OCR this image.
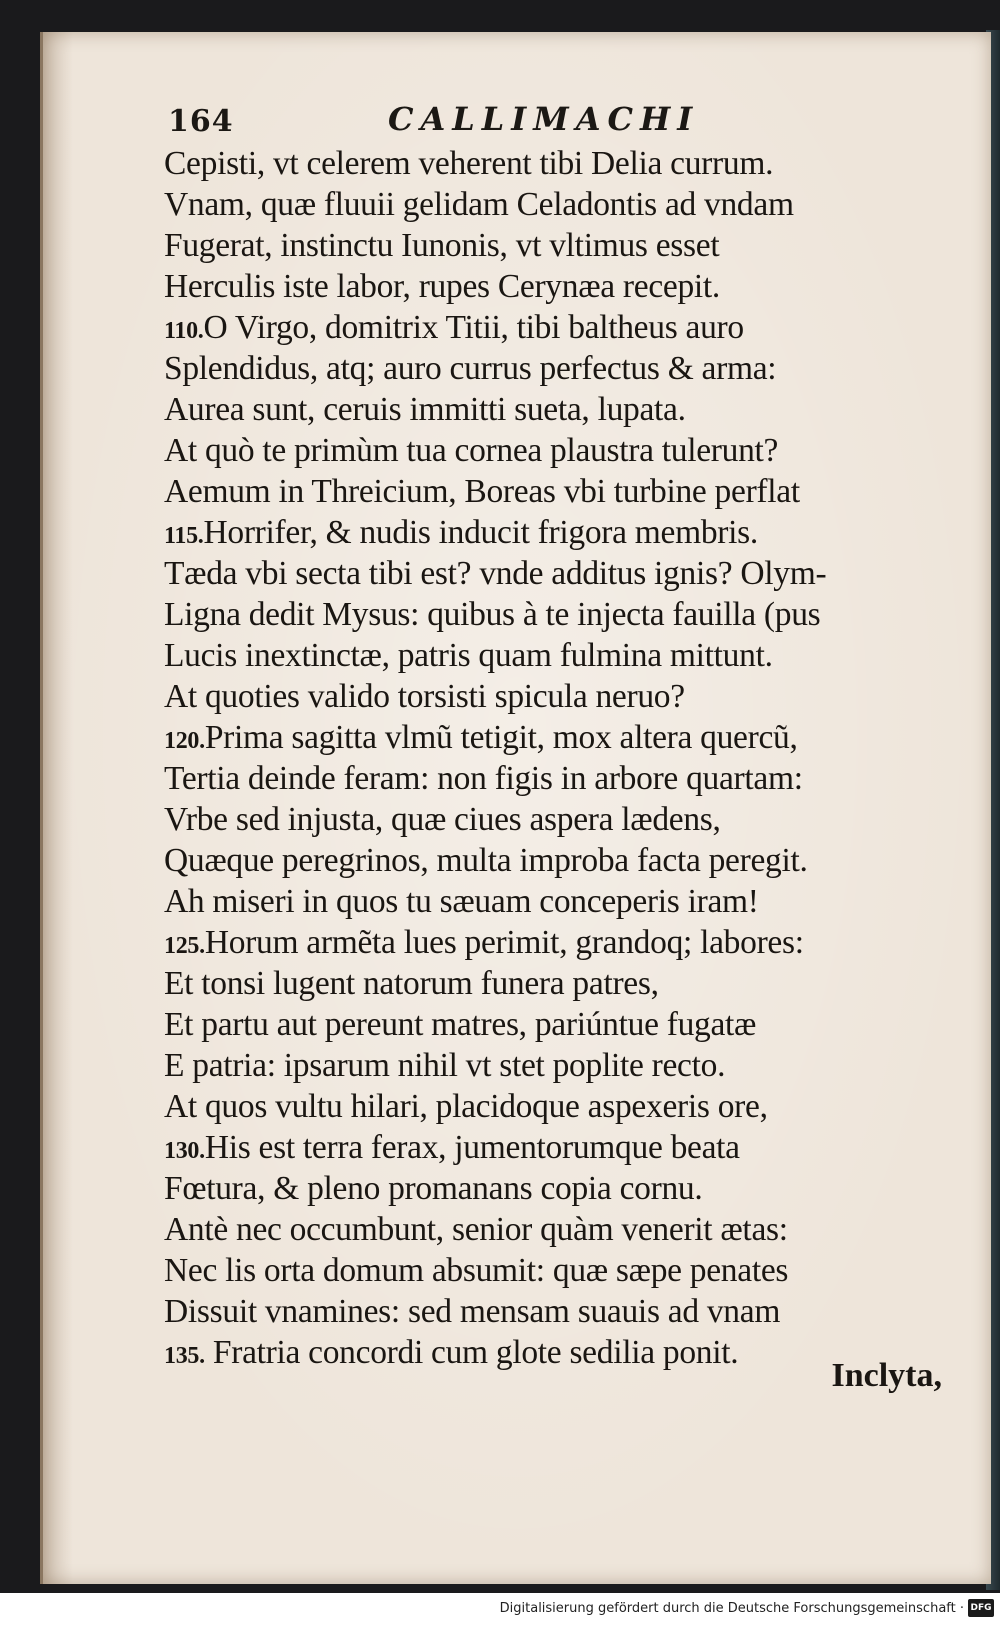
164	CALLIMACHI
Cepisti, vt celerem veherent tibi Delia currum.
Vnam, quæ fluuii gelidam Celadontis ad vndam
Fugerat, instinctu Iunonis, vt vltimus esset
Herculis iste labor, rupes Cerynæa recepit.
110.O Virgo, domitrix Titii, tibi baltheus auro
Splendidus, atq; auro currus perfectus & arma:
Aurea sunt, ceruis immitti sueta, lupata.
At quò te primùm tua cornea plaustra tulerunt?
Aemum in Threicium, Boreas vbi turbine perflat
115.Horrifer, & nudis inducit frigora membris.
Tæda vbi secta tibi est? vnde additus ignis? Olym-
Ligna dedit Mysus: quibus à te injecta fauilla (pus
Lucis inextinctæ, patris quam fulmina mittunt.
At quoties valido torsisti spicula neruo?
120.Prima sagitta vlmũ tetigit, mox altera quercũ,
Tertia deinde feram: non figis in arbore quartam:
Vrbe sed injusta, quæ ciues aspera lædens,
Quæque peregrinos, multa improba facta peregit.
Ah miseri in quos tu sæuam conceperis iram!
125.Horum armẽta lues perimit, grandoq; labores:
Et tonsi lugent natorum funera patres,
Et partu aut pereunt matres, pariúntue fugatæ
E patria: ipsarum nihil vt stet poplite recto.
At quos vultu hilari, placidoque aspexeris ore,
130.His est terra ferax, jumentorumque beata
Fœtura, & pleno promanans copia cornu.
Antè nec occumbunt, senior quàm venerit ætas:
Nec lis orta domum absumit: quæ sæpe penates
Dissuit vnamines: sed mensam suauis ad vnam
135. Fratria concordi cum glote sedilia ponit.
Inclyta,
Digitalisierung gefördert durch die Deutsche Forschungsgemeinschaft · DFG
